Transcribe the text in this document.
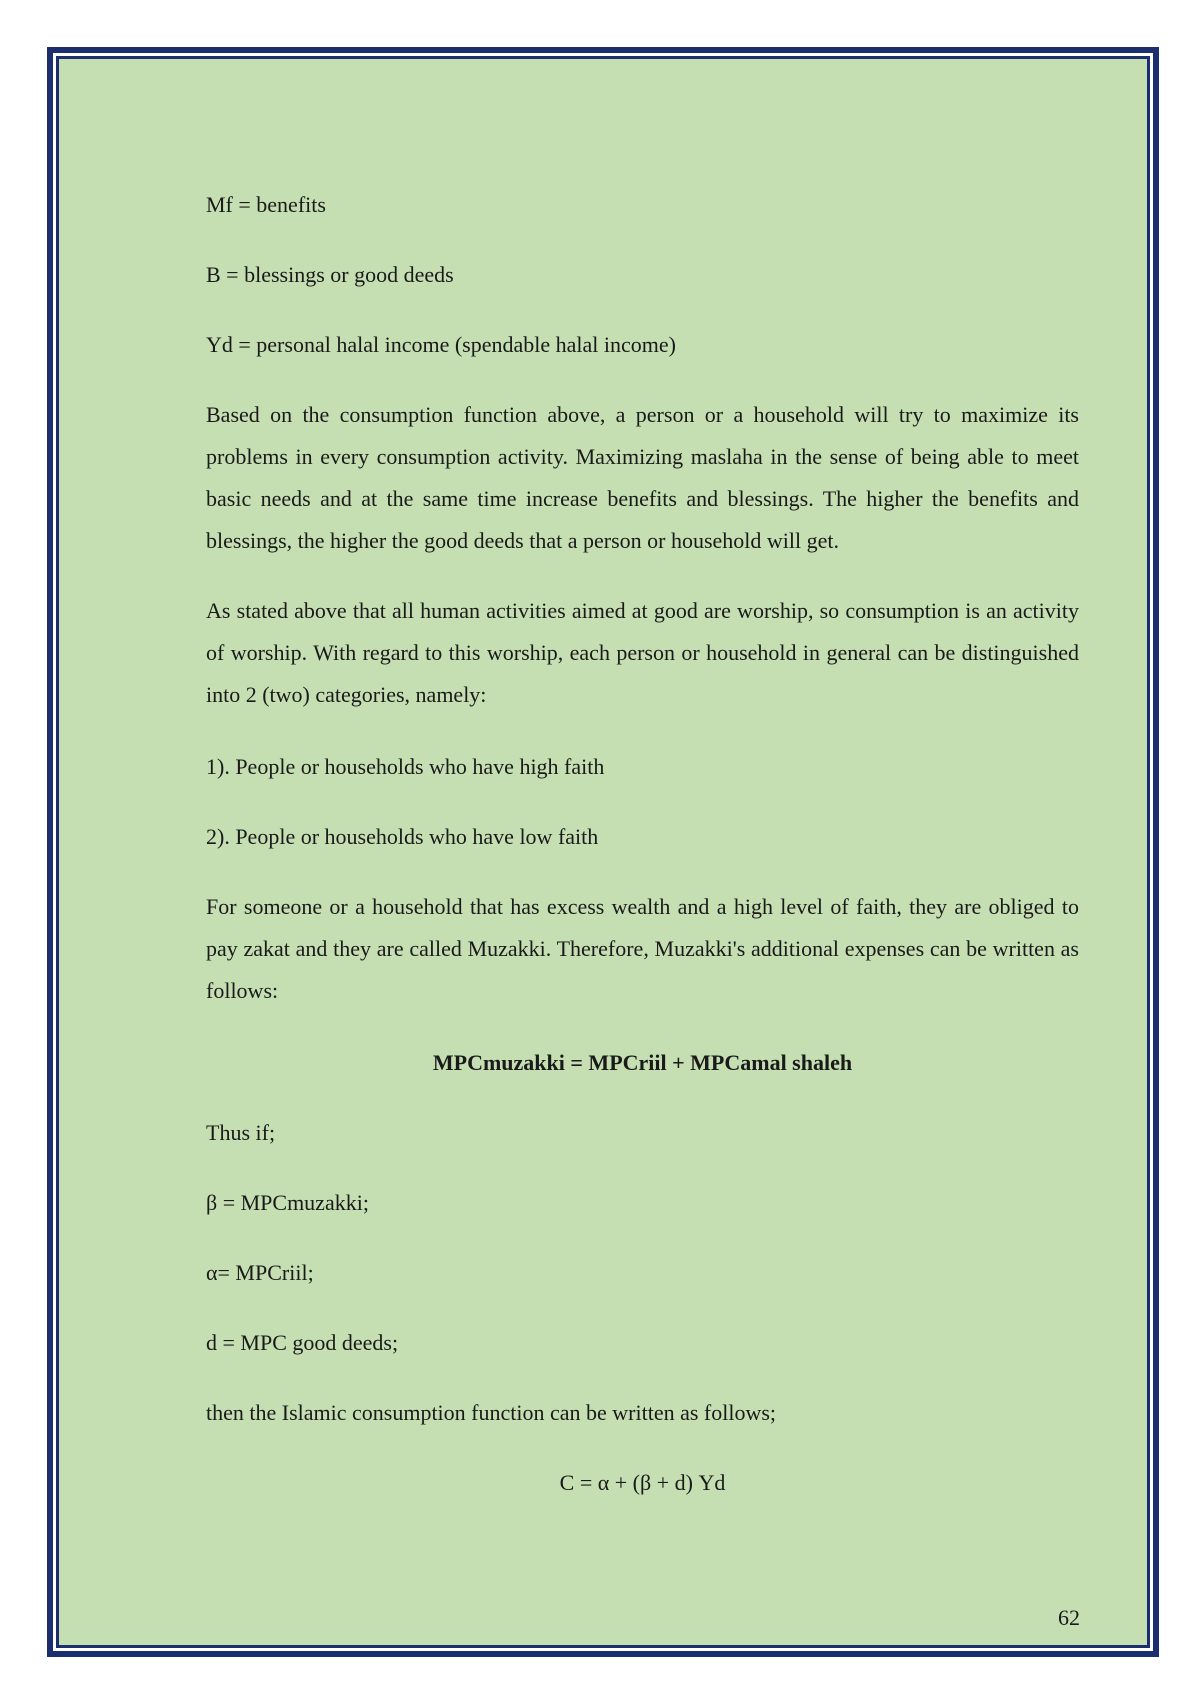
Mf = benefits

B = blessings or good deeds

Yd = personal halal income (spendable halal income)

Based on the consumption function above, a person or a household will try to maximize its problems in every consumption activity. Maximizing maslaha in the sense of being able to meet basic needs and at the same time increase benefits and blessings. The higher the benefits and blessings, the higher the good deeds that a person or household will get.

As stated above that all human activities aimed at good are worship, so consumption is an activity of worship. With regard to this worship, each person or household in general can be distinguished into 2 (two) categories, namely:

1). People or households who have high faith

2). People or households who have low faith

For someone or a household that has excess wealth and a high level of faith, they are obliged to pay zakat and they are called Muzakki. Therefore, Muzakki's additional expenses can be written as follows:

MPCmuzakki = MPCriil + MPCamal shaleh

Thus if;

β = MPCmuzakki;

α= MPCriil;

d = MPC good deeds;

then the Islamic consumption function can be written as follows;

C = α + (β + d) Yd

62
